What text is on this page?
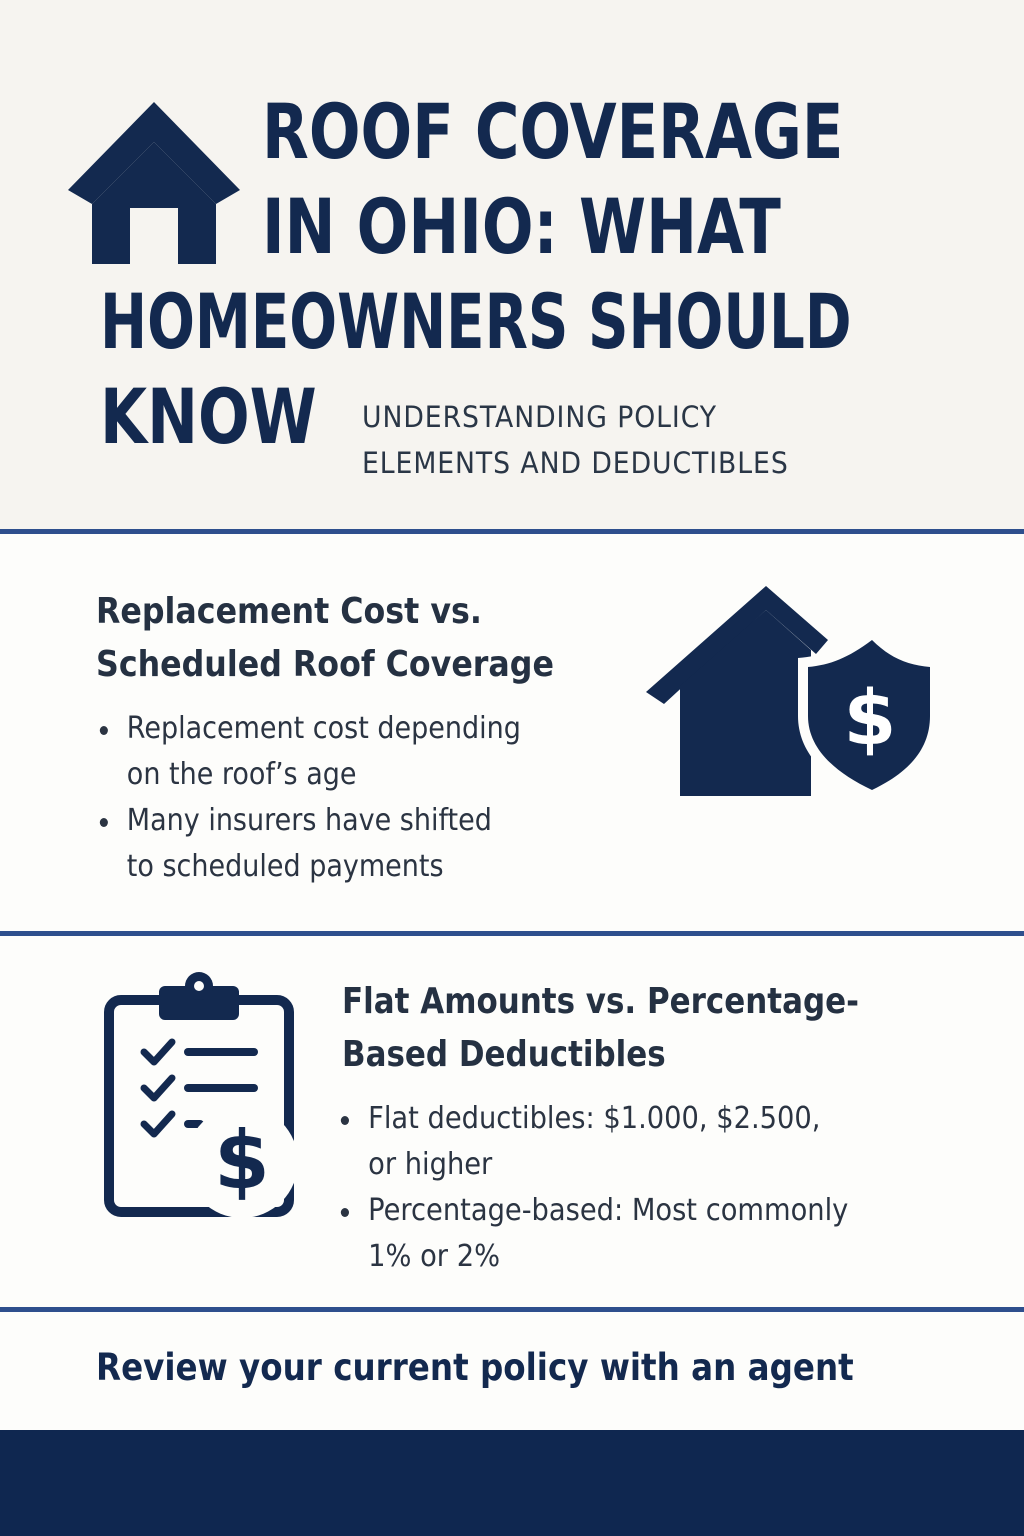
ROOF COVERAGE
IN OHIO: WHAT
HOMEOWNERS SHOULD
KNOW UNDERSTANDING POLICY
ELEMENTS AND DEDUCTIBLES

Replacement Cost vs.
Scheduled Roof Coverage
Replacement cost depending
on the roof’s age
Many insurers have shifted
to scheduled payments
$
$
Flat Amounts vs. Percentage-
Based Deductibles
Flat deductibles: $1.000, $2.500,
or higher
Percentage-based: Most commonly
1% or 2%

Review your current policy with an agent
